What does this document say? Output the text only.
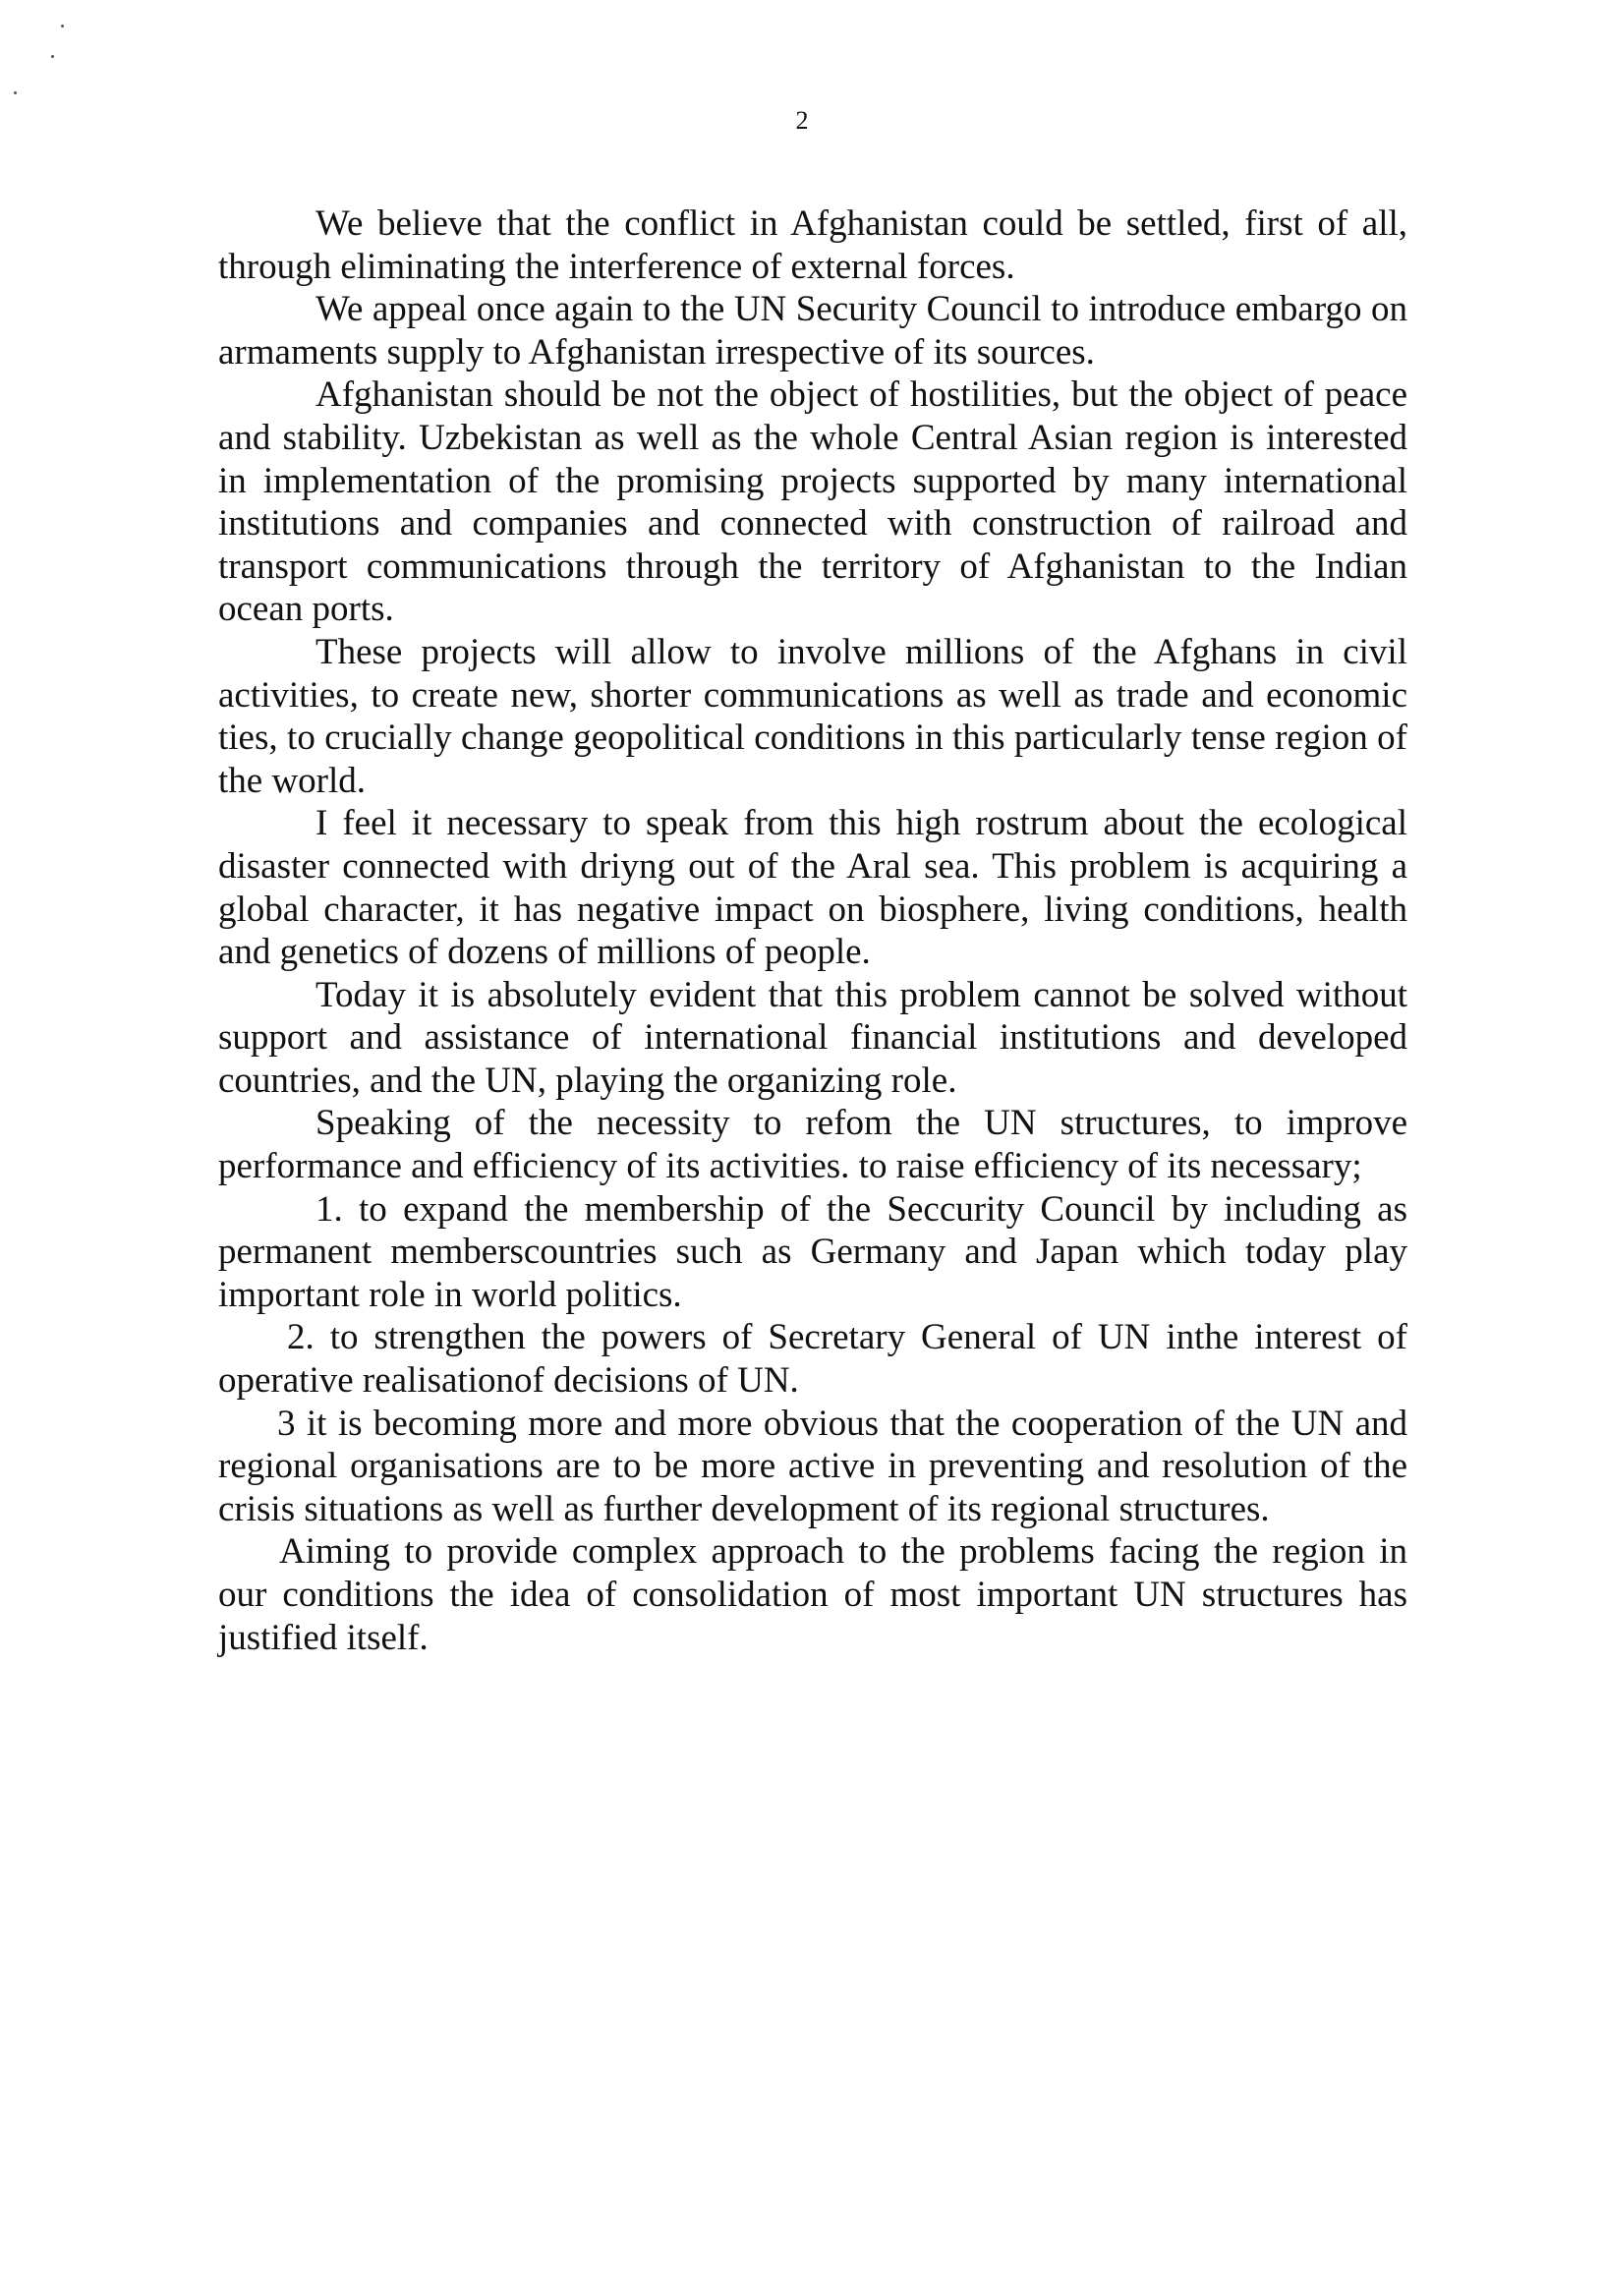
2

We believe that the conflict in Afghanistan could be settled, first of all, through eliminating the interference of external forces.

We appeal once again to the UN Security Council to introduce embargo on armaments supply to Afghanistan irrespective of its sources.

Afghanistan should be not the object of hostilities, but the object of peace and stability. Uzbekistan as well as the whole Central Asian region is interested in implementation of the promising projects supported by many international institutions and companies and connected with construction of railroad and transport communications through the territory of Afghanistan to the Indian ocean ports.

These projects will allow to involve millions of the Afghans in civil activities, to create new, shorter communications as well as trade and economic ties, to crucially change geopolitical conditions in this particularly tense region of the world.

I feel it necessary to speak from this high rostrum about the ecological disaster connected with driyng out of the Aral sea. This problem is acquiring a global character, it has negative impact on biosphere, living conditions, health and genetics of dozens of millions of people.

Today it is absolutely evident that this problem cannot be solved without support and assistance of international financial institutions and developed countries, and the UN, playing the organizing role.

Speaking of the necessity to refom the UN structures, to improve performance and efficiency of its activities. to raise efficiency of its necessary;

1. to expand the membership of the Seccurity Council by including as permanent memberscountries such as Germany and Japan which today play important role in world politics.

2. to strengthen the powers of Secretary General of UN inthe interest of operative realisationof decisions of UN.

3 it is becoming more and more obvious that the cooperation of the UN and regional organisations are to be more active in preventing and resolution of the crisis situations as well as further development of its regional structures.

Aiming to provide complex approach to the problems facing the region in our conditions the idea of consolidation of most important UN structures has justified itself.
